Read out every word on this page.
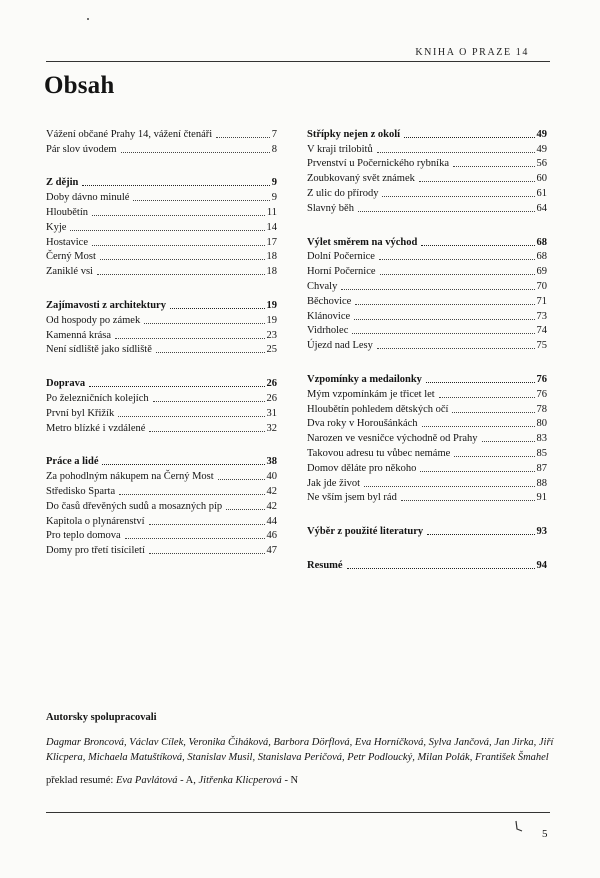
KNIHA O PRAZE 14
Obsah
Vážení občané Prahy 14, vážení čtenáři	7
Pár slov úvodem	8
Z dějin	9
Doby dávno minulé	9
Hloubětín	11
Kyje	14
Hostavice	17
Černý Most	18
Zaniklé vsi	18
Zajímavosti z architektury	19
Od hospody po zámek	19
Kamenná krása	23
Není sídliště jako sídliště	25
Doprava	26
Po železničních kolejích	26
První byl Křižík	31
Metro blízké i vzdálené	32
Práce a lidé	38
Za pohodlným nákupem na Černý Most	40
Středisko Sparta	42
Do časů dřevěných sudů a mosazných píp	42
Kapitola o plynárenství	44
Pro teplo domova	46
Domy pro třetí tisíciletí	47
Střípky nejen z okolí	49
V kraji trilobitů	49
Prvenství u Počernického rybníka	56
Zoubkovaný svět známek	60
Z ulic do přírody	61
Slavný běh	64
Výlet směrem na východ	68
Dolní Počernice	68
Horní Počernice	69
Chvaly	70
Běchovice	71
Klánovice	73
Vidrholec	74
Újezd nad Lesy	75
Vzpomínky a medailonky	76
Mým vzpomínkám je třicet let	76
Hloubětín pohledem dětských očí	78
Dva roky v Horoušánkách	80
Narozen ve vesničce východně od Prahy	83
Takovou adresu tu vůbec nemáme	85
Domov děláte pro někoho	87
Jak jde život	88
Ne vším jsem byl rád	91
Výběr z použité literatury	93
Resumé	94
Autorsky spolupracovali
Dagmar Broncová, Václav Cílek, Veronika Čiháková, Barbora Dörflová, Eva Horníčková, Sylva Jančová, Jan Jirka, Jiří Klicpera, Michaela Matuštíková, Stanislav Musil, Stanislava Peričová, Petr Podloucký, Milan Polák, František Šmahel
překlad resumé: Eva Pavlátová - A, Jitřenka Klicperová - N
5
